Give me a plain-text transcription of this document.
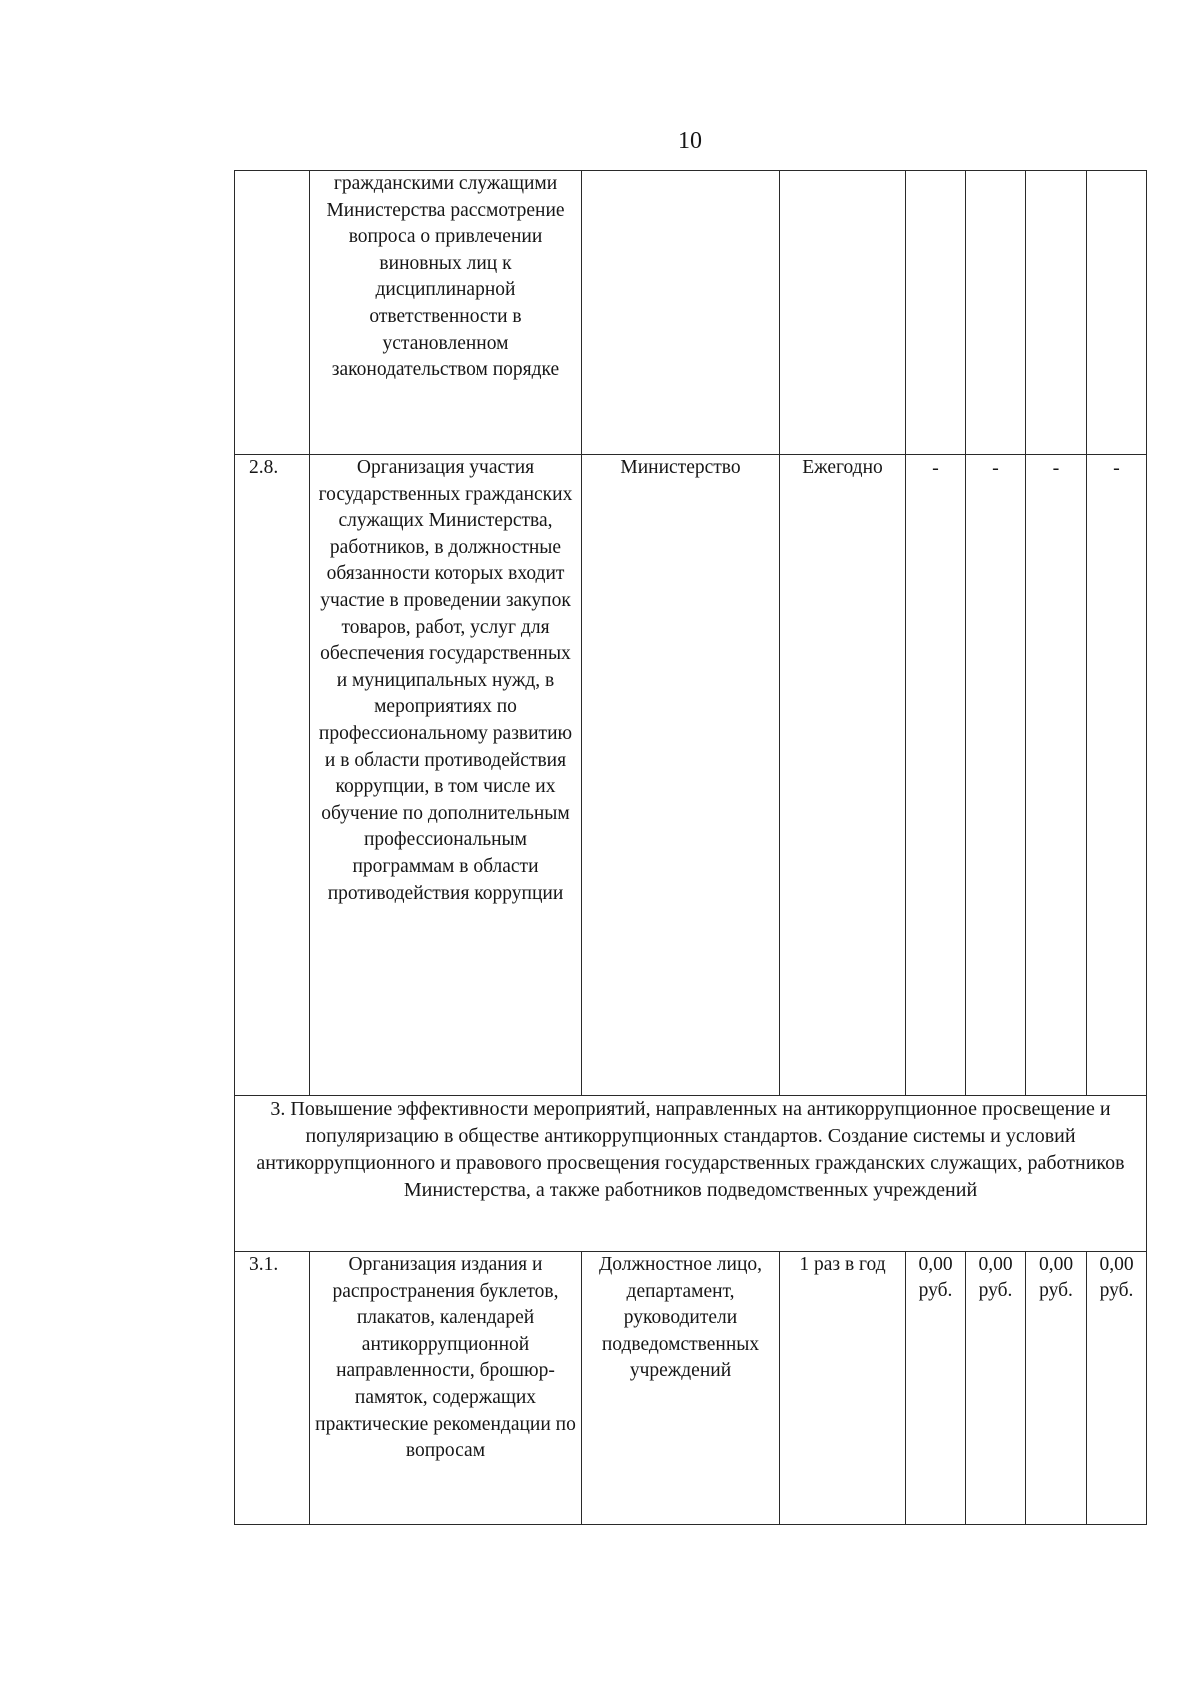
10
	гражданскими служащими Министерства рассмотрение вопроса о привлечении виновных лиц к дисциплинарной ответственности в установленном законодательством порядке						
2.8.	Организация участия государственных гражданских служащих Министерства, работников, в должностные обязанности которых входит участие в проведении закупок товаров, работ, услуг для обеспечения государственных и муниципальных нужд, в мероприятиях по профессиональному развитию и в области противодействия коррупции, в том числе их обучение по дополнительным профессиональным программам в области противодействия коррупции	Министерство	Ежегодно	-	-	-	-
3. Повышение эффективности мероприятий, направленных на антикоррупционное просвещение и популяризацию в обществе антикоррупционных стандартов. Создание системы и условий антикоррупционного и правового просвещения государственных гражданских служащих, работников Министерства, а также работников подведомственных учреждений							
3.1.	Организация издания и распространения буклетов, плакатов, календарей антикоррупционной направленности, брошюр-памяток, содержащих практические рекомендации по вопросам	Должностное лицо, департамент, руководители подведомственных учреждений	1 раз в год	0,00 руб.	0,00 руб.	0,00 руб.	0,00 руб.
